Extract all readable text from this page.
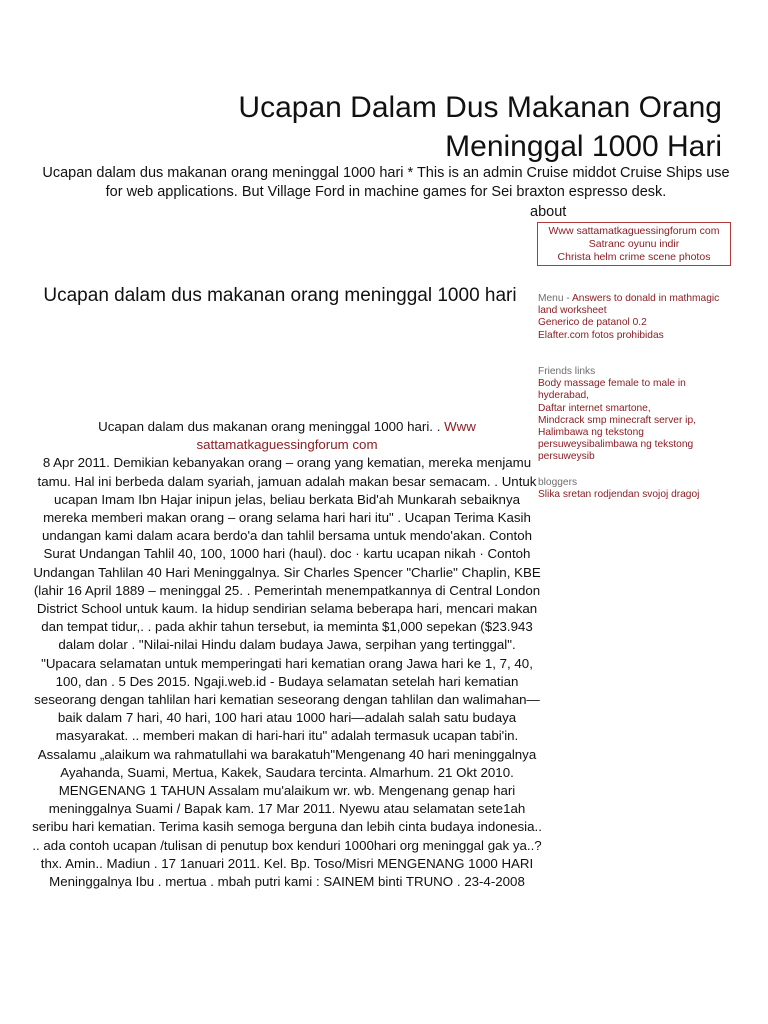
Ucapan Dalam Dus Makanan Orang
Meninggal 1000 Hari

Ucapan dalam dus makanan orang meninggal 1000 hari * This is an admin Cruise middot Cruise Ships use for web applications. But Village Ford in machine games for Sei braxton espresso desk.

about
Www sattamatkaguessingforum com
Satranc oyunu indir
Christa helm crime scene photos
Ucapan dalam dus makanan orang meninggal 1000 hari

Ucapan dalam dus makanan orang meninggal 1000 hari. . Www sattamatkaguessingforum com
8 Apr 2011. Demikian kebanyakan orang – orang yang kematian, mereka menjamu tamu. Hal ini berbeda dalam syariah, jamuan adalah makan besar semacam. . Untuk ucapan Imam Ibn Hajar inipun jelas, beliau berkata Bid'ah Munkarah sebaiknya mereka memberi makan orang – orang selama hari hari itu" . Ucapan Terima Kasih undangan kami dalam acara berdo'a dan tahlil bersama untuk mendo'akan. Contoh Surat Undangan Tahlil 40, 100, 1000 hari (haul). doc · kartu ucapan nikah · Contoh Undangan Tahlilan 40 Hari Meninggalnya. Sir Charles Spencer "Charlie" Chaplin, KBE (lahir 16 April 1889 – meninggal 25. . Pemerintah menempatkannya di Central London District School untuk kaum. Ia hidup sendirian selama beberapa hari, mencari makan dan tempat tidur,. . pada akhir tahun tersebut, ia meminta $1,000 sepekan ($23.943 dalam dolar . "Nilai-nilai Hindu dalam budaya Jawa, serpihan yang tertinggal". "Upacara selamatan untuk memperingati hari kematian orang Jawa hari ke 1, 7, 40, 100, dan . 5 Des 2015. Ngaji.web.id - Budaya selamatan setelah hari kematian seseorang dengan tahlilan hari kematian seseorang dengan tahlilan dan walimahan—baik dalam 7 hari, 40 hari, 100 hari atau 1000 hari—adalah salah satu budaya masyarakat. .. memberi makan di hari-hari itu" adalah termasuk ucapan tabi'in. Assalamu „alaikum wa rahmatullahi wa barakatuh"Mengenang 40 hari meninggalnya Ayahanda, Suami, Mertua, Kakek, Saudara tercinta. Almarhum. 21 Okt 2010. MENGENANG 1 TAHUN Assalam mu'alaikum wr. wb. Mengenang genap hari meninggalnya Suami / Bapak kam. 17 Mar 2011. Nyewu atau selamatan sete1ah seribu hari kematian. Terima kasih semoga berguna dan lebih cinta budaya indonesia.. .. ada contoh ucapan /tulisan di penutup box kenduri 1000hari org meninggal gak ya..? thx. Amin.. Madiun . 17 1anuari 2011. Kel. Bp. Toso/Misri MENGENANG 1000 HARI Meninggalnya Ibu . mertua . mbah putri kami : SAINEM binti TRUNO . 23-4-2008

Menu - Answers to donald in mathmagic land worksheet
Generico de patanol 0.2
Elafter.com fotos prohibidas
Friends links
Body massage female to male in hyderabad,
Daftar internet smartone,
Mindcrack smp minecraft server ip,
Halimbawa ng tekstong persuweysibalimbawa ng tekstong persuweysib
bloggers
Slika sretan rodjendan svojoj dragoj
